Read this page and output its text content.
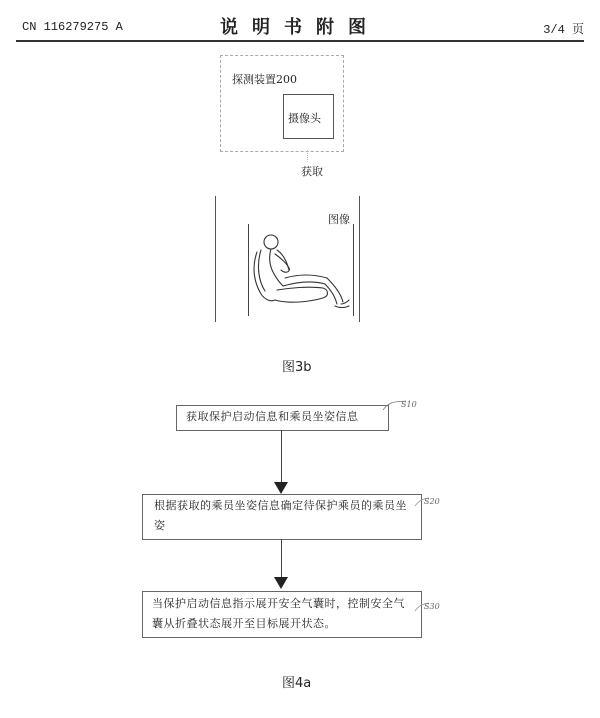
CN 116279275 A	说明书附图	3/4 页
探测装置200
摄像头
获取
图像
图3b
获取保护启动信息和乘员坐姿信息
S10
根据获取的乘员坐姿信息确定待保护乘员的乘员坐姿
S20
当保护启动信息指示展开安全气囊时，控制安全气囊从折叠状态展开至目标展开状态。
S30
图4a
